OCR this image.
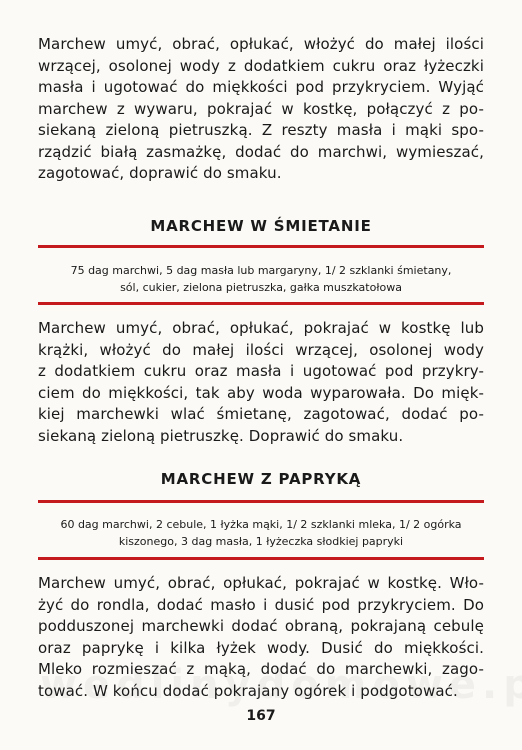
Marchew umyć, obrać, opłukać, włożyć do małej ilości
wrzącej, osolonej wody z dodatkiem cukru oraz łyżeczki
masła i ugotować do miękkości pod przykryciem. Wyjąć
marchew z wywaru, pokrajać w kostkę, połączyć z po-
siekaną zieloną pietruszką. Z reszty masła i mąki spo-
rządzić białą zasmażkę, dodać do marchwi, wymieszać,
zagotować, doprawić do smaku.
MARCHEW W ŚMIETANIE
75 dag marchwi, 5 dag masła lub margaryny, 1/ 2 szklanki śmietany,
sól, cukier, zielona pietruszka, gałka muszkatołowa
Marchew umyć, obrać, opłukać, pokrajać w kostkę lub
krążki, włożyć do małej ilości wrzącej, osolonej wody
z dodatkiem cukru oraz masła i ugotować pod przykry-
ciem do miękkości, tak aby woda wyparowała. Do mięk-
kiej marchewki wlać śmietanę, zagotować, dodać po-
siekaną zieloną pietruszkę. Doprawić do smaku.
MARCHEW Z PAPRYKĄ
60 dag marchwi, 2 cebule, 1 łyżka mąki, 1/ 2 szklanki mleka, 1/ 2 ogórka
kiszonego, 3 dag masła, 1 łyżeczka słodkiej papryki
Marchew umyć, obrać, opłukać, pokrajać w kostkę. Wło-
żyć do rondla, dodać masło i dusić pod przykryciem. Do
podduszonej marchewki dodać obraną, pokrajaną cebulę
oraz paprykę i kilka łyżek wody. Dusić do miękkości.
Mleko rozmieszać z mąką, dodać do marchewki, zago-
tować. W końcu dodać pokrajany ogórek i podgotować.
167
